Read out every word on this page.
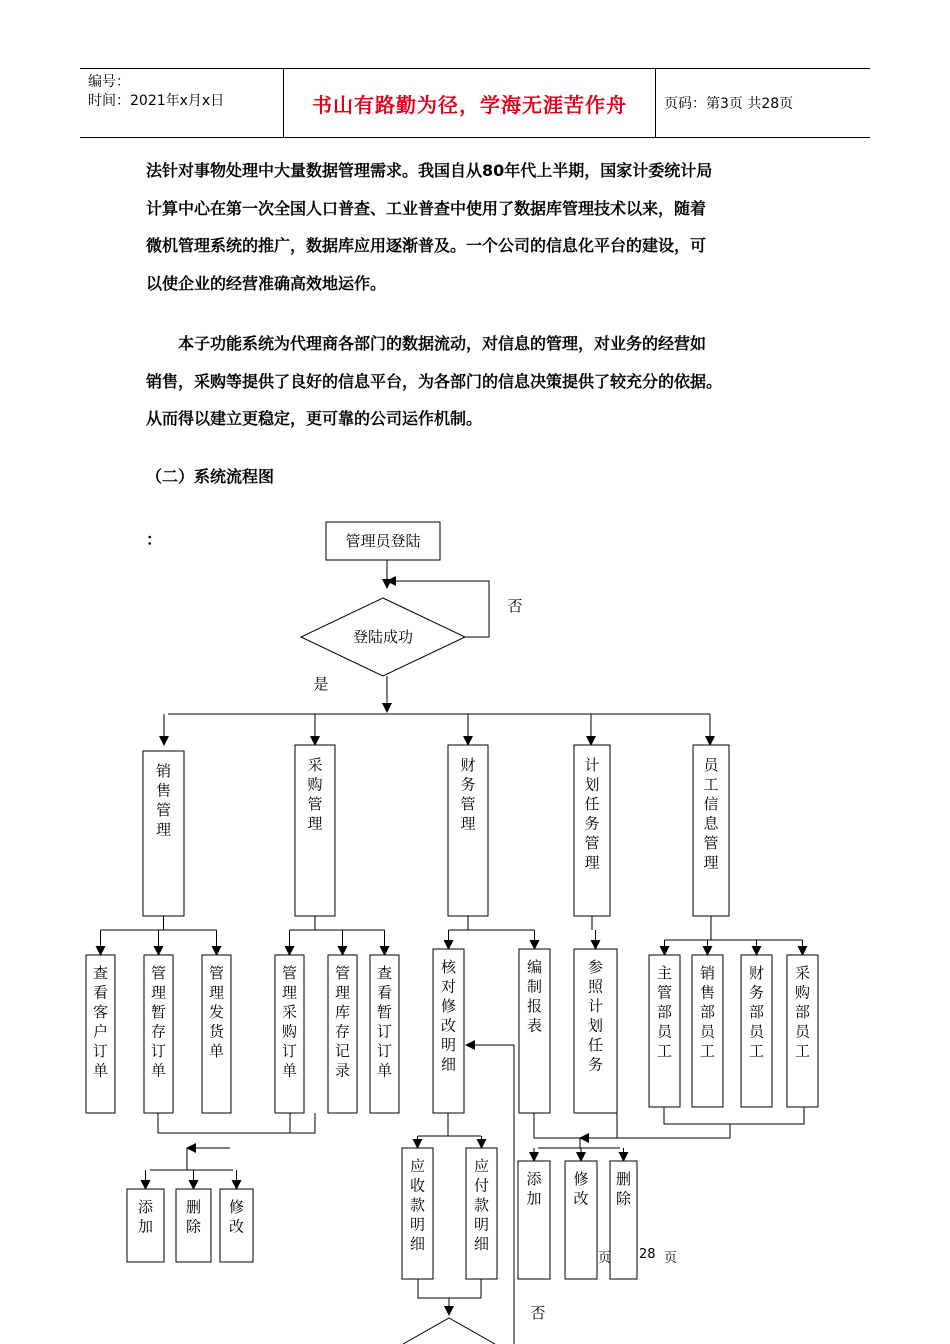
编号：
时间：2021年x月x日	书山有路勤为径，学海无涯苦作舟	页码：第3页 共28页
法针对事物处理中大量数据管理需求。我国自从80年代上半期，国家计委统计局
计算中心在第一次全国人口普查、工业普查中使用了数据库管理技术以来，随着
微机管理系统的推广，数据库应用逐渐普及。一个公司的信息化平台的建设，可
以使企业的经营准确高效地运作。
　　本子功能系统为代理商各部门的数据流动，对信息的管理，对业务的经营如
销售，采购等提供了良好的信息平台，为各部门的信息决策提供了较充分的依据。
从而得以建立更稳定，更可靠的公司运作机制。
（二）系统流程图
：	管理员登陆
登陆成功
否
是
销售管理
采购管理
财务管理
计划任务管理
员工信息管理
查看客户订单
管理暂存订单
管理发货单
管理采购订单
管理库存记录
查看暂订订单
核对修改明细
编制报表
参照计划任务
主管部员工
销售部员工
财务部员工
采购部员工
添加
删除
修改
应收款明细
应付款明细
否
添加
修改
删除
页 28 页
